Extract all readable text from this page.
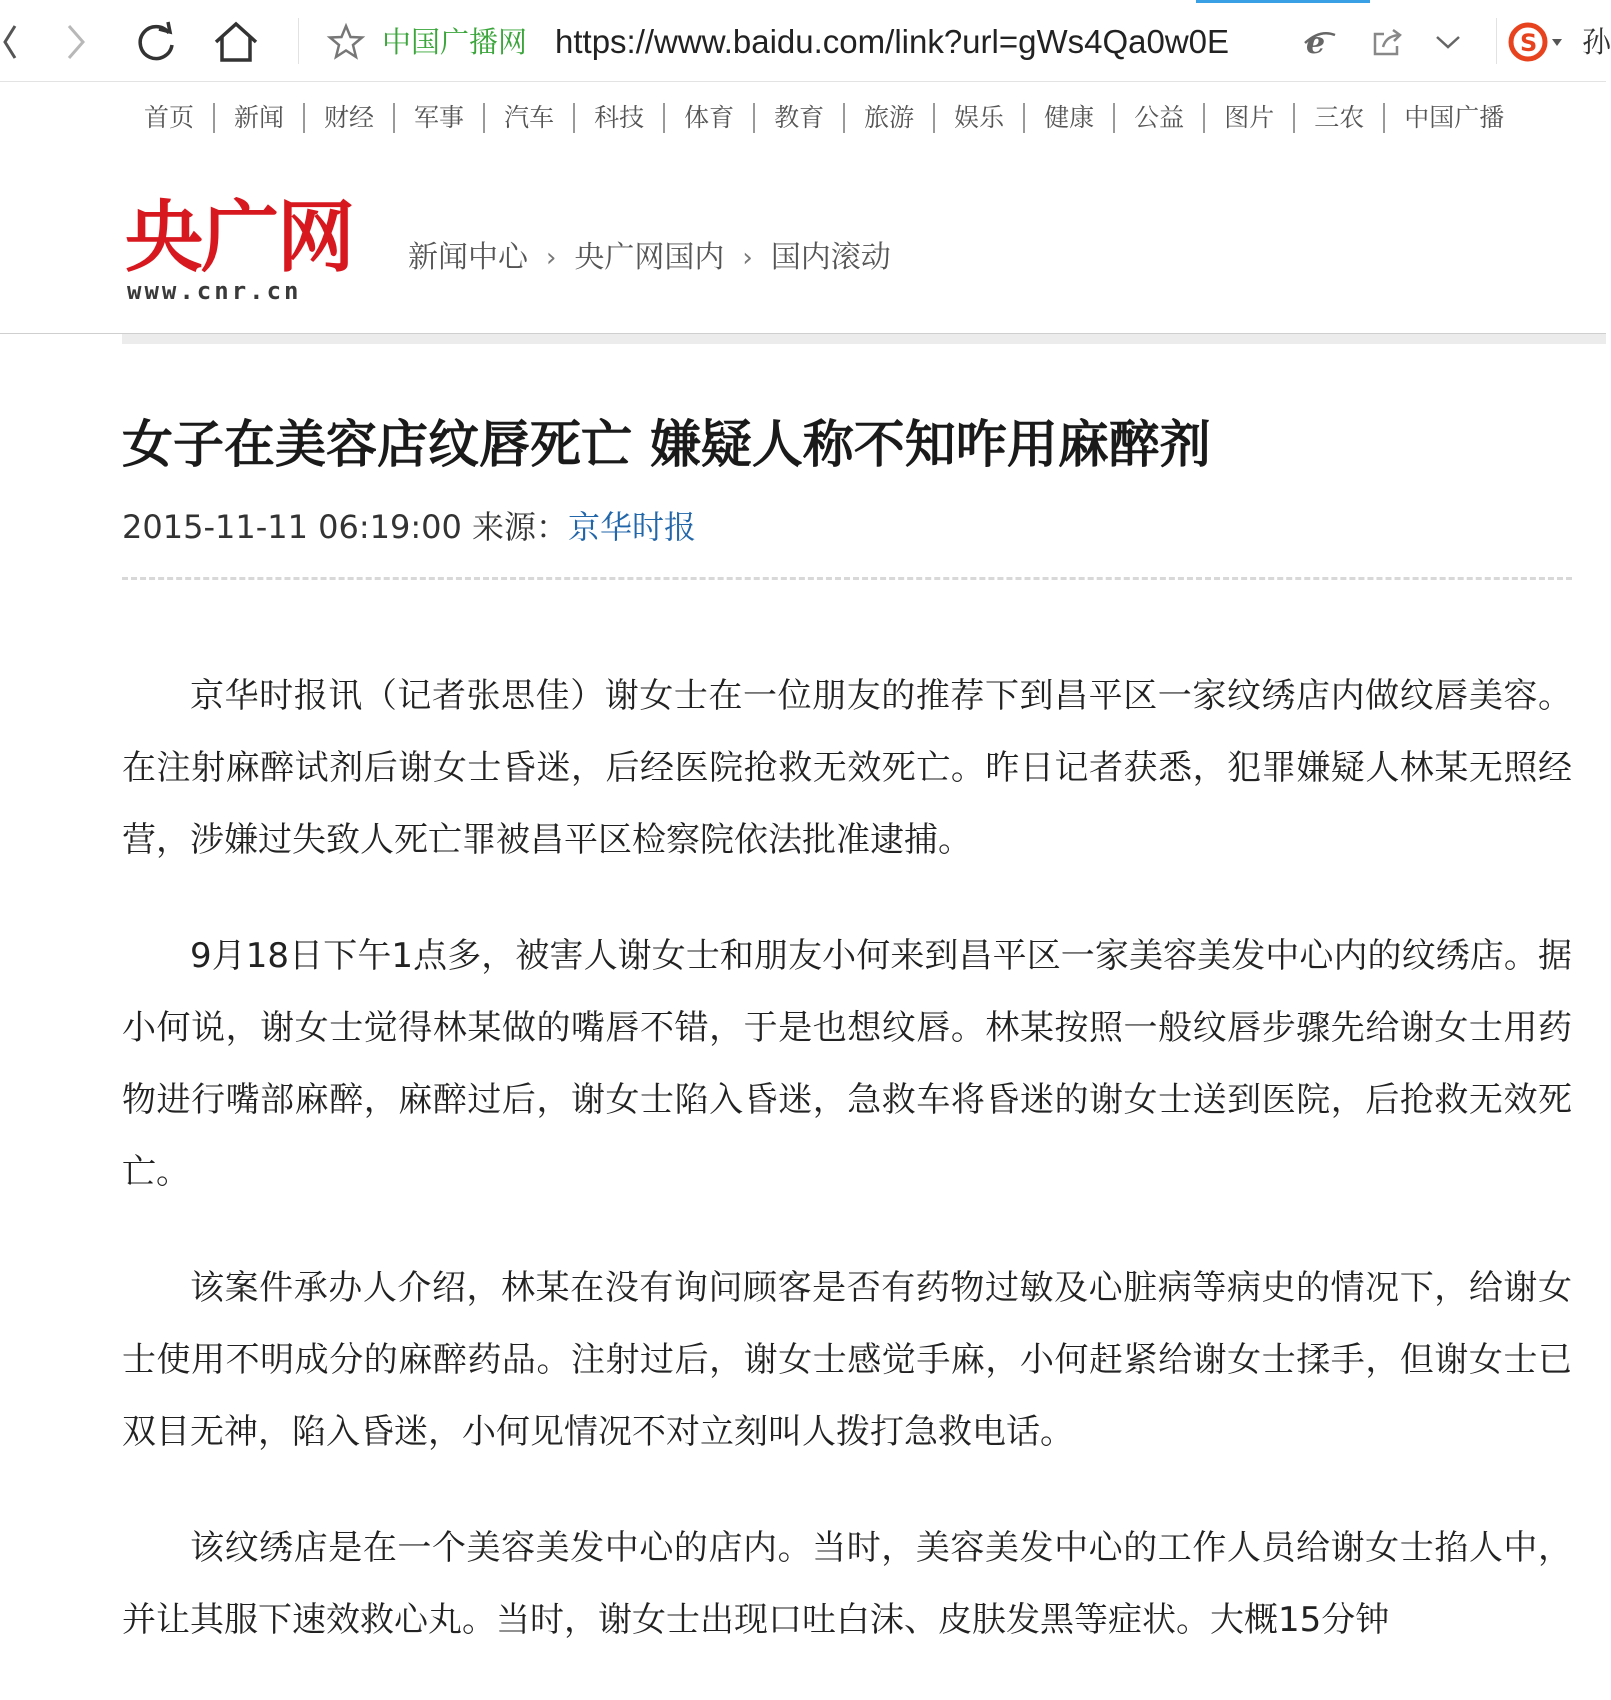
中国广播网 https://www.baidu.com/link?url=gWs4Qa0w0E	e	S 孙
首页	新闻	财经	军事	汽车	科技	体育	教育	旅游	娱乐	健康	公益	图片	三农	中国广播
央广网
www.cnr.cn
新闻中心 › 央广网国内 › 国内滚动
女子在美容店纹唇死亡 嫌疑人称不知咋用麻醉剂
2015-11-11 06:19:00 来源：京华时报

京华时报讯（记者张思佳）谢女士在一位朋友的推荐下到昌平区一家纹绣店内做纹唇美容。在注射麻醉试剂后谢女士昏迷，后经医院抢救无效死亡。昨日记者获悉，犯罪嫌疑人林某无照经营，涉嫌过失致人死亡罪被昌平区检察院依法批准逮捕。

9月18日下午1点多，被害人谢女士和朋友小何来到昌平区一家美容美发中心内的纹绣店。据小何说，谢女士觉得林某做的嘴唇不错，于是也想纹唇。林某按照一般纹唇步骤先给谢女士用药物进行嘴部麻醉，麻醉过后，谢女士陷入昏迷，急救车将昏迷的谢女士送到医院，后抢救无效死亡。

该案件承办人介绍，林某在没有询问顾客是否有药物过敏及心脏病等病史的情况下，给谢女士使用不明成分的麻醉药品。注射过后，谢女士感觉手麻，小何赶紧给谢女士揉手，但谢女士已双目无神，陷入昏迷，小何见情况不对立刻叫人拨打急救电话。

该纹绣店是在一个美容美发中心的店内。当时，美容美发中心的工作人员给谢女士掐人中，并让其服下速效救心丸。当时，谢女士出现口吐白沫、皮肤发黑等症状。大概15分钟
